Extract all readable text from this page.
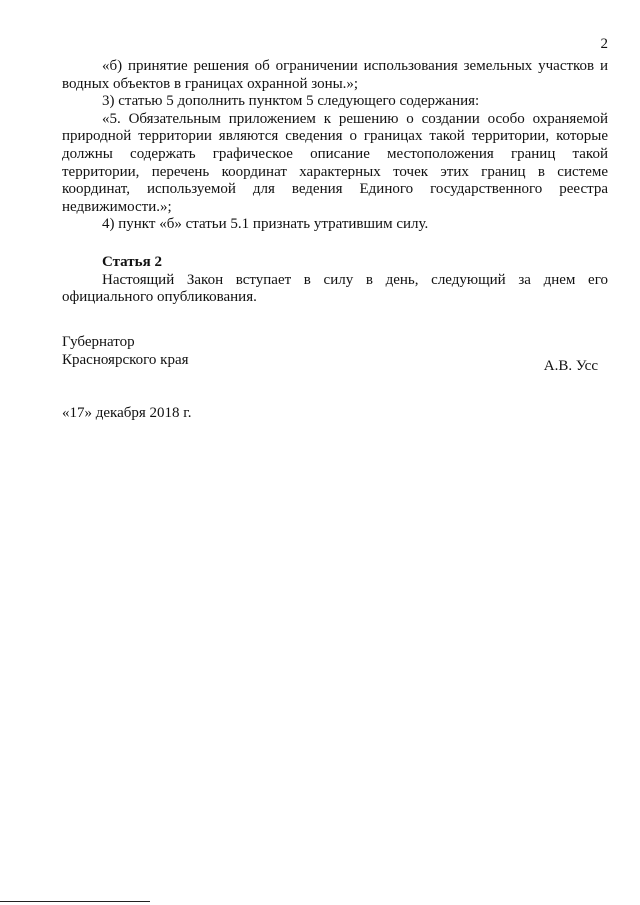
2

«б) принятие решения об ограничении использования земельных участков и водных объектов в границах охранной зоны.»;

3) статью 5 дополнить пунктом 5 следующего содержания:

«5. Обязательным приложением к решению о создании особо охраняемой природной территории являются сведения о границах такой территории, которые должны содержать графическое описание местоположения границ такой территории, перечень координат характерных точек этих границ в системе координат, используемой для ведения Единого государственного реестра недвижимости.»;

4) пункт «б» статьи 5.1 признать утратившим силу.

Статья 2

Настоящий Закон вступает в силу в день, следующий за днем его официального опубликования.

Губернатор
Красноярского края	А.В. Усс
«17» декабря 2018 г.
